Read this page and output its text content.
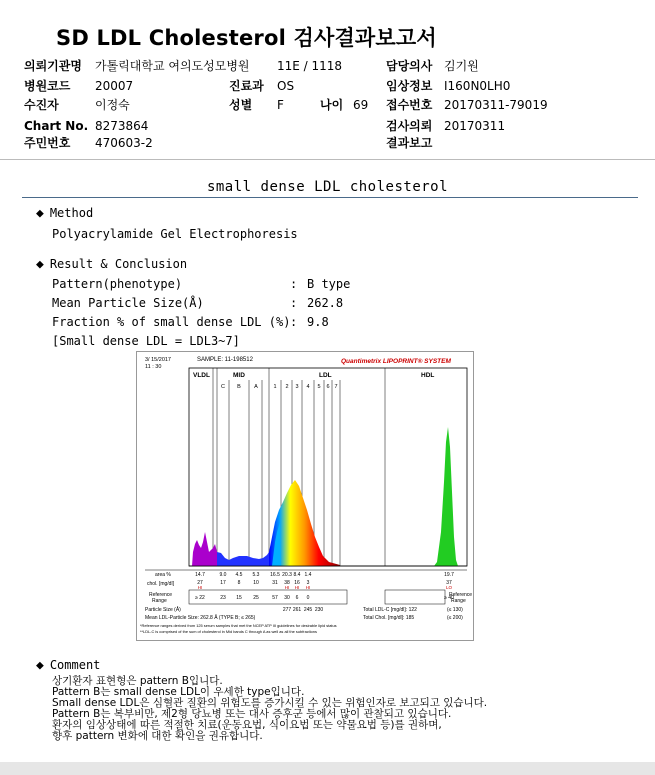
SD LDL Cholesterol 검사결과보고서
의뢰기관명 가톨릭대학교 여의도성모병원 11E / 1118	담당의사 김기원
병원코드 20007	진료과 OS	임상정보 I160N0LH0
수진자	이정숙	성별 F	나이 69 접수번호 20170311-79019
Chart No. 8273864	검사의뢰 20170311
주민번호 470603-2	결과보고
small dense LDL cholesterol
◆ Method
Polyacrylamide Gel Electrophoresis
◆ Result & Conclusion
Pattern(phenotype)	: B type
Mean Particle Size(Å)	: 262.8
Fraction % of small dense LDL (%) : 9.8
[Small dense LDL = LDL3~7]
3/ 15/2017
11 : 30
SAMPLE: 11-198512	Quantimetrix LIPOPRINT® SYSTEM
VLDL	MID	LDL	HDL
C B A	1 2 3 4 5 6 7
area %
chol. [mg/dl]
Reference
Range
Reference
Range
14.7	9.0 4.5 5.3 16.5 20.3 8.4 1.4	19.7
27	17 8	10	31 38 16 3	37
HI	HI HI HI	LO
≥ 22	23 15 25	57 30 6 0	≥ 40
Particle Size (Å)	277 261 245 230
Mean LDL-Particle Size: 262.8 Å (TYPE B; ≤ 265)
Total LDL-C [mg/dl]: 122	(≤ 130)
Total Chol. [mg/dl]: 185	(≤ 200)
*Reference ranges derived from 125 serum samples that met the NCEP ATP III guidelines for desirable lipid status
**LDL-C is comprised of the sum of cholesterol in Mid bands C through A as well as all the subfractions
◆ Comment
상기환자 표현형은 pattern B입니다.
Pattern B는 small dense LDL이 우세한 type입니다.
Small dense LDL은 심혈관 질환의 위험도를 증가시킬 수 있는 위험인자로 보고되고 있습니다.
Pattern B는 복부비만, 제2형 당뇨병 또는 대사 증후군 등에서 많이 관찰되고 있습니다.
환자의 임상상태에 따른 적절한 치료(운동요법, 식이요법 또는 약물요법 등)를 권하며,
향후 pattern 변화에 대한 확인을 권유합니다.
